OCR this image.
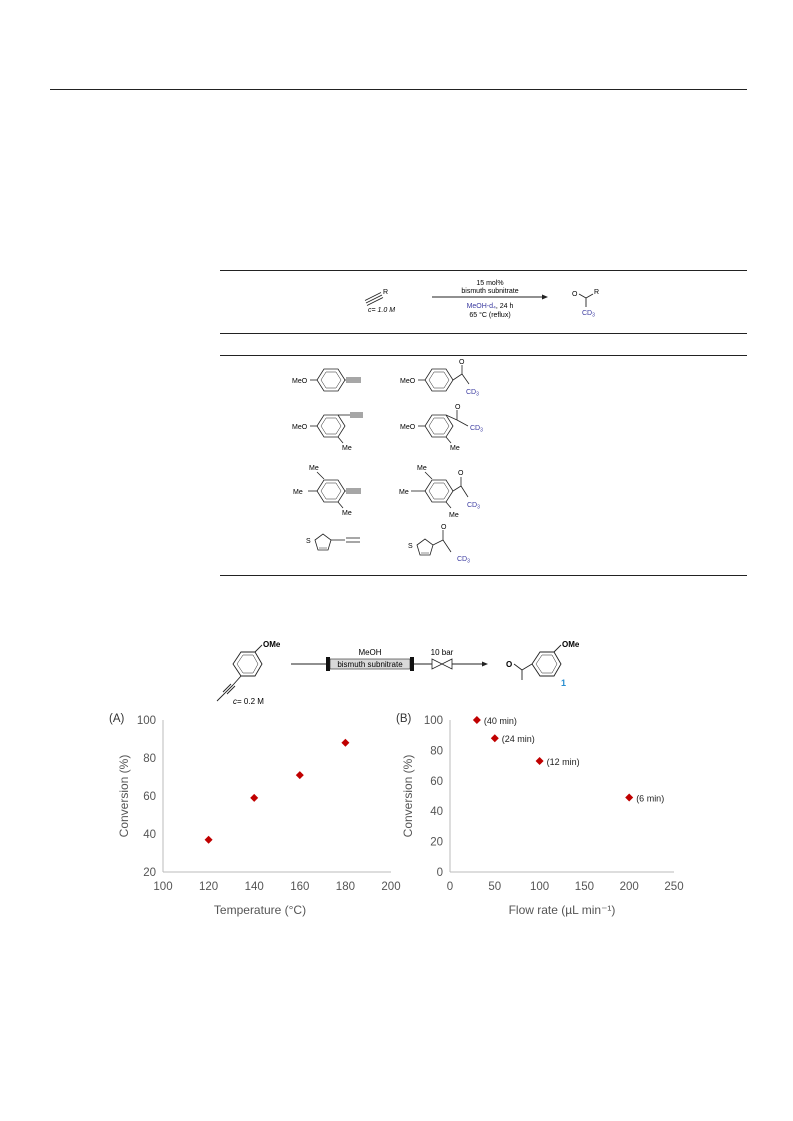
R
c= 1.0 M
15 mol%
bismuth subnitrate
MeOH-d₄, 24 h
65 °C (reflux)
O R
$CD_3$
MeO	MeO
O
$CD_3$
MeO
Me
MeO
O
$CD_3$
Me
Me
Me
Me
Me
Me
O
$CD_3$
Me
S
S
O
$CD_3$
OMe
c= 0.2 M
MeOH
bismuth subnitrate
10 bar
OMe
O
1
(A)
100 120 140 160 180 200
20
40
60
80
100
Temperature (°C)
Conversion (%)
(B)
0	50	100 150 200 250
0
20
40
60
80
100	(40 min)
(24 min)
(12 min)
(6 min)
Flow rate (µL min⁻¹)
Conversion (%)
